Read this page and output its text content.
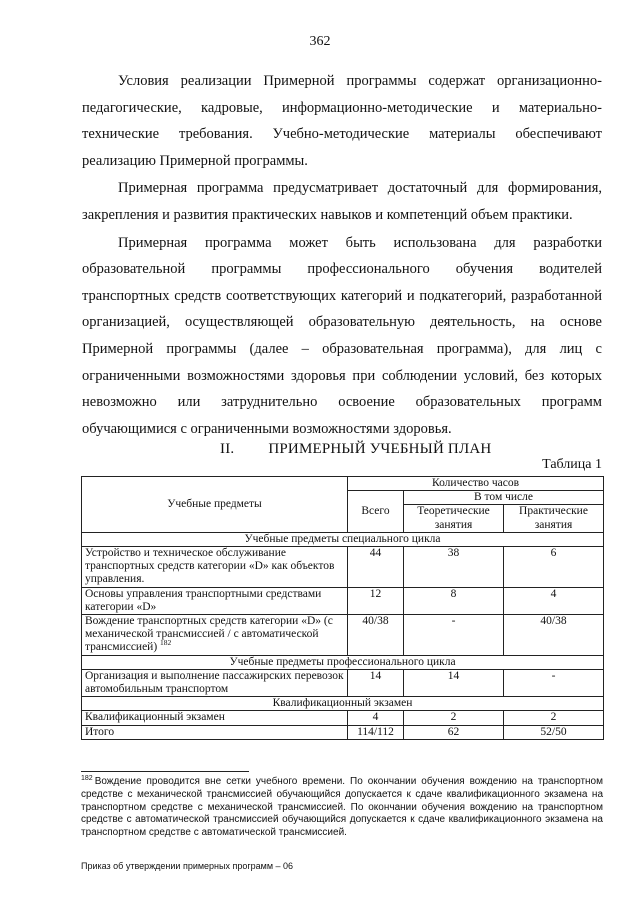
362

Условия реализации Примерной программы содержат организационно-педагогические, кадровые, информационно-методические и материально-технические требования. Учебно-методические материалы обеспечивают реализацию Примерной программы.

Примерная программа предусматривает достаточный для формирования, закрепления и развития практических навыков и компетенций объем практики.

Примерная программа может быть использована для разработки образовательной программы профессионального обучения водителей транспортных средств соответствующих категорий и подкатегорий, разработанной организацией, осуществляющей образовательную деятельность, на основе Примерной программы (далее – образовательная программа), для лиц с ограниченными возможностями здоровья при соблюдении условий, без которых невозможно или затруднительно освоение образовательных программ обучающимися с ограниченными возможностями здоровья.

II. ПРИМЕРНЫЙ УЧЕБНЫЙ ПЛАН
Таблица 1
Учебные предметы	Количество часов		
	Всего	В том числе	
		Теоретические занятия	Практические занятия
Учебные предметы специального цикла			
Устройство и техническое обслуживание транспортных средств категории «D» как объектов управления.	44	38	6
Основы управления транспортными средствами категории «D»	12	8	4
Вождение транспортных средств категории «D» (с механической трансмиссией / с автоматической трансмиссией) $^{182}$	40/38	-	40/38
Учебные предметы профессионального цикла			
Организация и выполнение пассажирских перевозок автомобильным транспортом	14	14	-
Квалификационный экзамен			
Квалификационный экзамен	4	2	2
Итого	114/112	62	52/50
$^{182}$ Вождение проводится вне сетки учебного времени. По окончании обучения вождению на транспортном средстве с механической трансмиссией обучающийся допускается к сдаче квалификационного экзамена на транспортном средстве с механической трансмиссией. По окончании обучения вождению на транспортном средстве с автоматической трансмиссией обучающийся допускается к сдаче квалификационного экзамена на транспортном средстве с автоматической трансмиссией.
Приказ об утверждении примерных программ – 06
